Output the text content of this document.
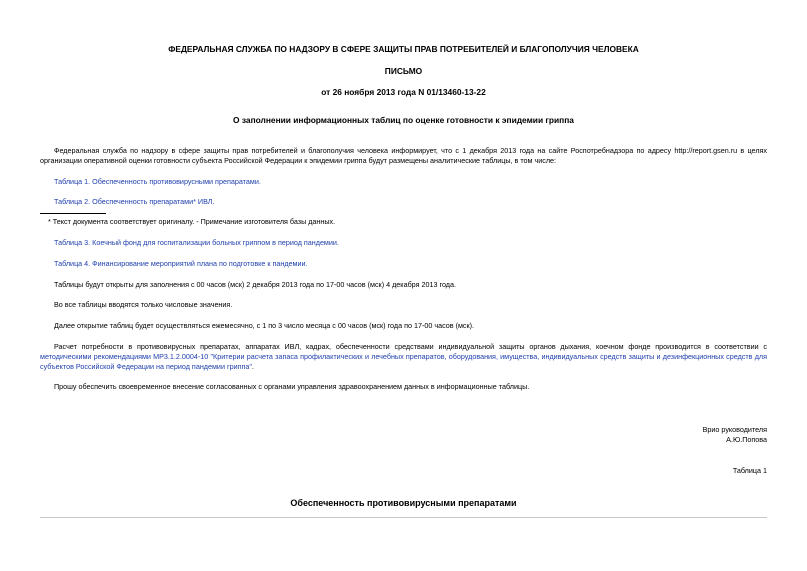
ФЕДЕРАЛЬНАЯ СЛУЖБА ПО НАДЗОРУ В СФЕРЕ ЗАЩИТЫ ПРАВ ПОТРЕБИТЕЛЕЙ И БЛАГОПОЛУЧИЯ ЧЕЛОВЕКА
ПИСЬМО
от 26 ноября 2013 года N 01/13460-13-22
О заполнении информационных таблиц по оценке готовности к эпидемии гриппа
Федеральная служба по надзору в сфере защиты прав потребителей и благополучия человека информирует, что с 1 декабря 2013 года на сайте Роспотребнадзора по адресу http://report.gsen.ru в целях организации оперативной оценки готовности субъекта Российской Федерации к эпидемии гриппа будут размещены аналитические таблицы, в том числе:
Таблица 1. Обеспеченность противовирусными препаратами.
Таблица 2. Обеспеченность препаратами* ИВЛ.
* Текст документа соответствует оригиналу. - Примечание изготовителя базы данных.
Таблица 3. Коечный фонд для госпитализации больных гриппом в период пандемии.
Таблица 4. Финансирование мероприятий плана по подготовке к пандемии.
Таблицы будут открыты для заполнения с 00 часов (мск) 2 декабря 2013 года по 17-00 часов (мск) 4 декабря 2013 года.
Во все таблицы вводятся только числовые значения.
Далее открытие таблиц будет осуществляться ежемесячно, с 1 по 3 число месяца с 00 часов (мск) года по 17-00 часов (мск).
Расчет потребности в противовирусных препаратах, аппаратах ИВЛ, кадрах, обеспеченности средствами индивидуальной защиты органов дыхания, коечном фонде производится в соответствии с методическими рекомендациями МР3.1.2.0004-10 "Критерии расчета запаса профилактических и лечебных препаратов, оборудования, имущества, индивидуальных средств защиты и дезинфекционных средств для субъектов Российской Федерации на период пандемии гриппа".
Прошу обеспечить своевременное внесение согласованных с органами управления здравоохранением данных в информационные таблицы.
Врио руководителя
А.Ю.Попова
Таблица 1
Обеспеченность противовирусными препаратами
